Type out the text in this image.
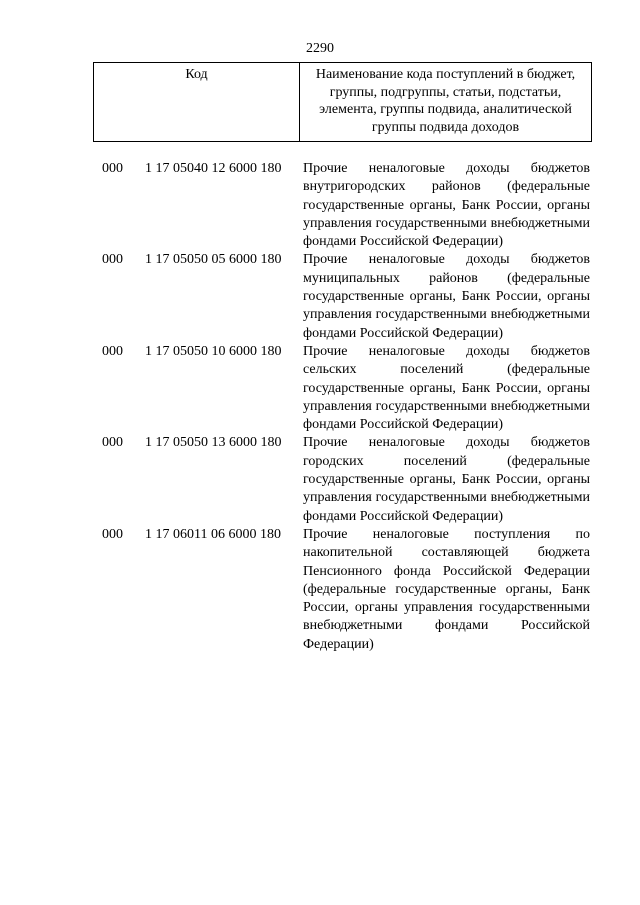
2290
Код	Наименование кода поступлений в бюджет, группы, подгруппы, статьи, подстатьи, элемента, группы подвида, аналитической группы подвида доходов
000	1 17 05040 12 6000 180	Прочие неналоговые доходы бюджетов внутригородских районов (федеральные государственные органы, Банк России, органы управления государственными внебюджетными фондами Российской Федерации)
000	1 17 05050 05 6000 180	Прочие неналоговые доходы бюджетов муниципальных районов (федеральные государственные органы, Банк России, органы управления государственными внебюджетными фондами Российской Федерации)
000	1 17 05050 10 6000 180	Прочие неналоговые доходы бюджетов сельских поселений (федеральные государственные органы, Банк России, органы управления государственными внебюджетными фондами Российской Федерации)
000	1 17 05050 13 6000 180	Прочие неналоговые доходы бюджетов городских поселений (федеральные государственные органы, Банк России, органы управления государственными внебюджетными фондами Российской Федерации)
000	1 17 06011 06 6000 180	Прочие неналоговые поступления по накопительной составляющей бюджета Пенсионного фонда Российской Федерации (федеральные государственные органы, Банк России, органы управления государственными внебюджетными фондами Российской Федерации)
